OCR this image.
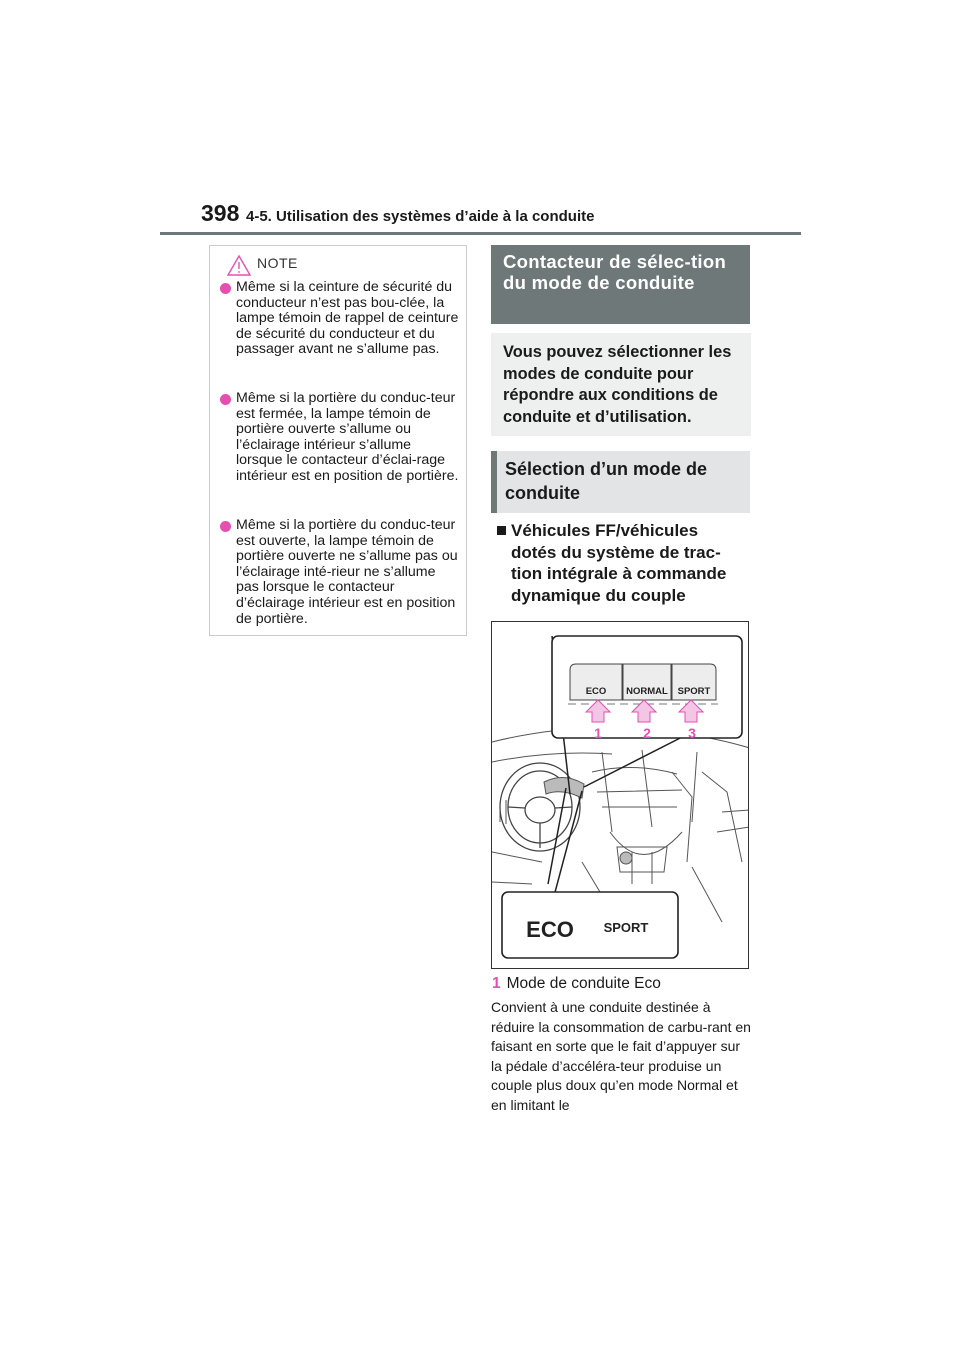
398 4-5. Utilisation des systèmes d’aide à la conduite
NOTE
Même si la ceinture de sécurité du conducteur n’est pas bou-clée, la lampe témoin de rappel de ceinture de sécurité du conducteur et du passager avant ne s’allume pas.
Même si la portière du conduc-teur est fermée, la lampe témoin de portière ouverte s’allume ou l’éclairage intérieur s’allume lorsque le contacteur d’éclai-rage intérieur est en position de portière.
Même si la portière du conduc-teur est ouverte, la lampe témoin de portière ouverte ne s’allume pas ou l’éclairage inté-rieur ne s’allume pas lorsque le contacteur d’éclairage intérieur est en position de portière.
Contacteur de sélec-tion du mode de conduite
Vous pouvez sélectionner les modes de conduite pour répondre aux conditions de conduite et d’utilisation.
Sélection d’un mode de conduite
Véhicules FF/véhicules dotés du système de trac-tion intégrale à commande dynamique du couple
ECO NORMAL SPORT
1	2	3
ECO SPORT
1 Mode de conduite Eco
Convient à une conduite destinée à réduire la consommation de carbu-rant en faisant en sorte que le fait d’appuyer sur la pédale d’accéléra-teur produise un couple plus doux qu’en mode Normal et en limitant le
